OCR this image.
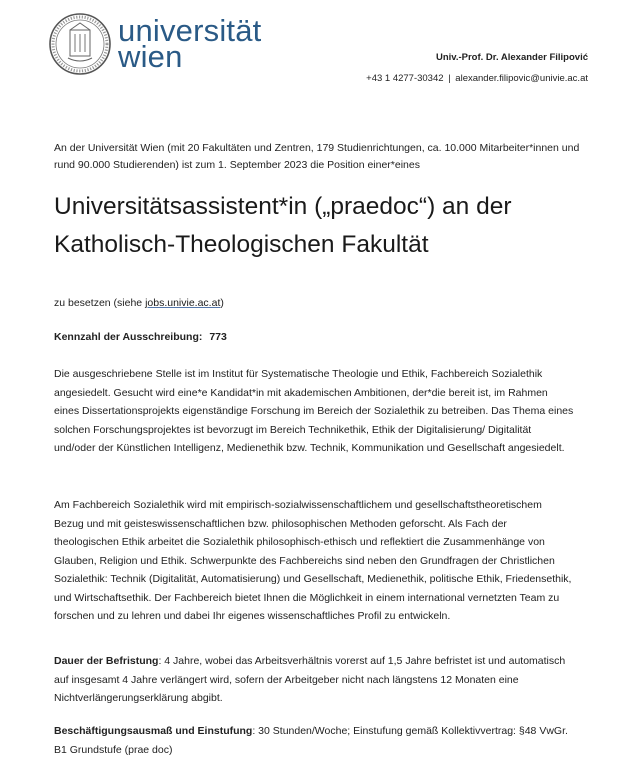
universität
wien	Univ.-Prof. Dr. Alexander Filipović
+43 1 4277-30342 | alexander.filipovic@univie.ac.at
An der Universität Wien (mit 20 Fakultäten und Zentren, 179 Studienrichtungen, ca. 10.000 Mitarbeiter*innen und rund 90.000 Studierenden) ist zum 1. September 2023 die Position einer*eines
Universitätsassistent*in („praedoc“) an der
Katholisch-Theologischen Fakultät
zu besetzen (siehe jobs.univie.ac.at)
Kennzahl der Ausschreibung: 773

Die ausgeschriebene Stelle ist im Institut für Systematische Theologie und Ethik, Fachbereich Sozialethik angesiedelt. Gesucht wird eine*e Kandidat*in mit akademischen Ambitionen, der*die bereit ist, im Rahmen eines Dissertationsprojekts eigenständige Forschung im Bereich der Sozialethik zu betreiben. Das Thema eines solchen Forschungsprojektes ist bevorzugt im Bereich Technikethik, Ethik der Digitalisierung/ Digitalität und/oder der Künstlichen Intelligenz, Medienethik bzw. Technik, Kommunikation und Gesellschaft angesiedelt.

Am Fachbereich Sozialethik wird mit empirisch-sozialwissenschaftlichem und gesellschaftstheoretischem Bezug und mit geisteswissenschaftlichen bzw. philosophischen Methoden geforscht. Als Fach der theologischen Ethik arbeitet die Sozialethik philosophisch-ethisch und reflektiert die Zusammenhänge von Glauben, Religion und Ethik. Schwerpunkte des Fachbereichs sind neben den Grundfragen der Christlichen Sozialethik: Technik (Digitalität, Automatisierung) und Gesellschaft, Medienethik, politische Ethik, Friedensethik, und Wirtschaftsethik. Der Fachbereich bietet Ihnen die Möglichkeit in einem international vernetzten Team zu forschen und zu lehren und dabei Ihr eigenes wissenschaftliches Profil zu entwickeln.

Dauer der Befristung: 4 Jahre, wobei das Arbeitsverhältnis vorerst auf 1,5 Jahre befristet ist und automatisch auf insgesamt 4 Jahre verlängert wird, sofern der Arbeitgeber nicht nach längstens 12 Monaten eine Nichtverlängerungserklärung abgibt.

Beschäftigungsausmaß und Einstufung: 30 Stunden/Woche; Einstufung gemäß Kollektivvertrag: §48 VwGr. B1 Grundstufe (prae doc)
